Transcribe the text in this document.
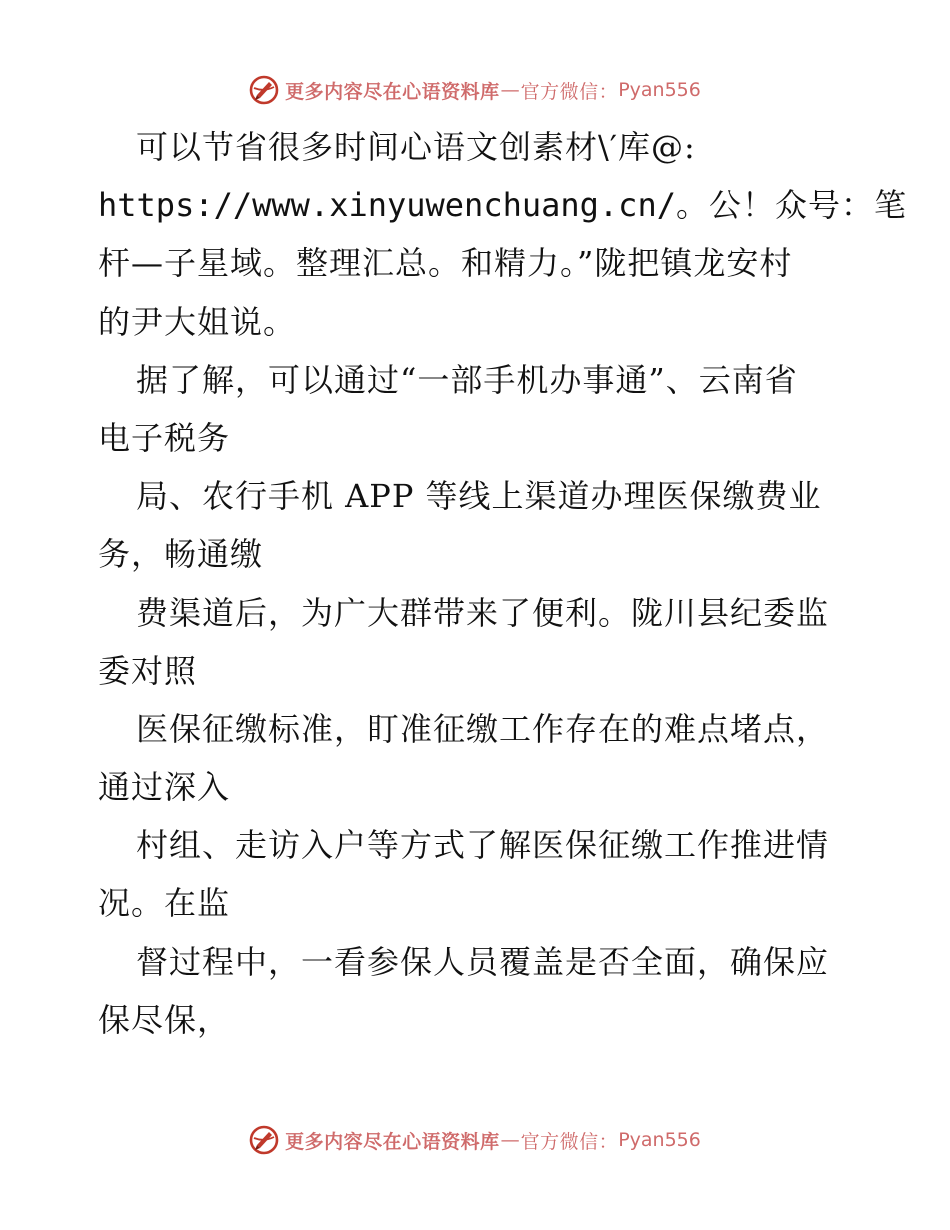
更多内容尽在心语资料库 — 官方微信： Pyan556
可以节省很多时间心语文创素材\′库@:
https://www.xinyuwenchuang.cn/。公！众号：笔
杆—子星域。整理汇总。和精力。”陇把镇龙安村
的尹大姐说。
据了解，可以通过“一部手机办事通”、云南省
电子税务
局、农行手机 APP 等线上渠道办理医保缴费业
务，畅通缴
费渠道后，为广大群带来了便利。陇川县纪委监
委对照
医保征缴标准，盯准征缴工作存在的难点堵点，
通过深入
村组、走访入户等方式了解医保征缴工作推进情
况。在监
督过程中，一看参保人员覆盖是否全面，确保应
保尽保，
更多内容尽在心语资料库 — 官方微信： Pyan556
